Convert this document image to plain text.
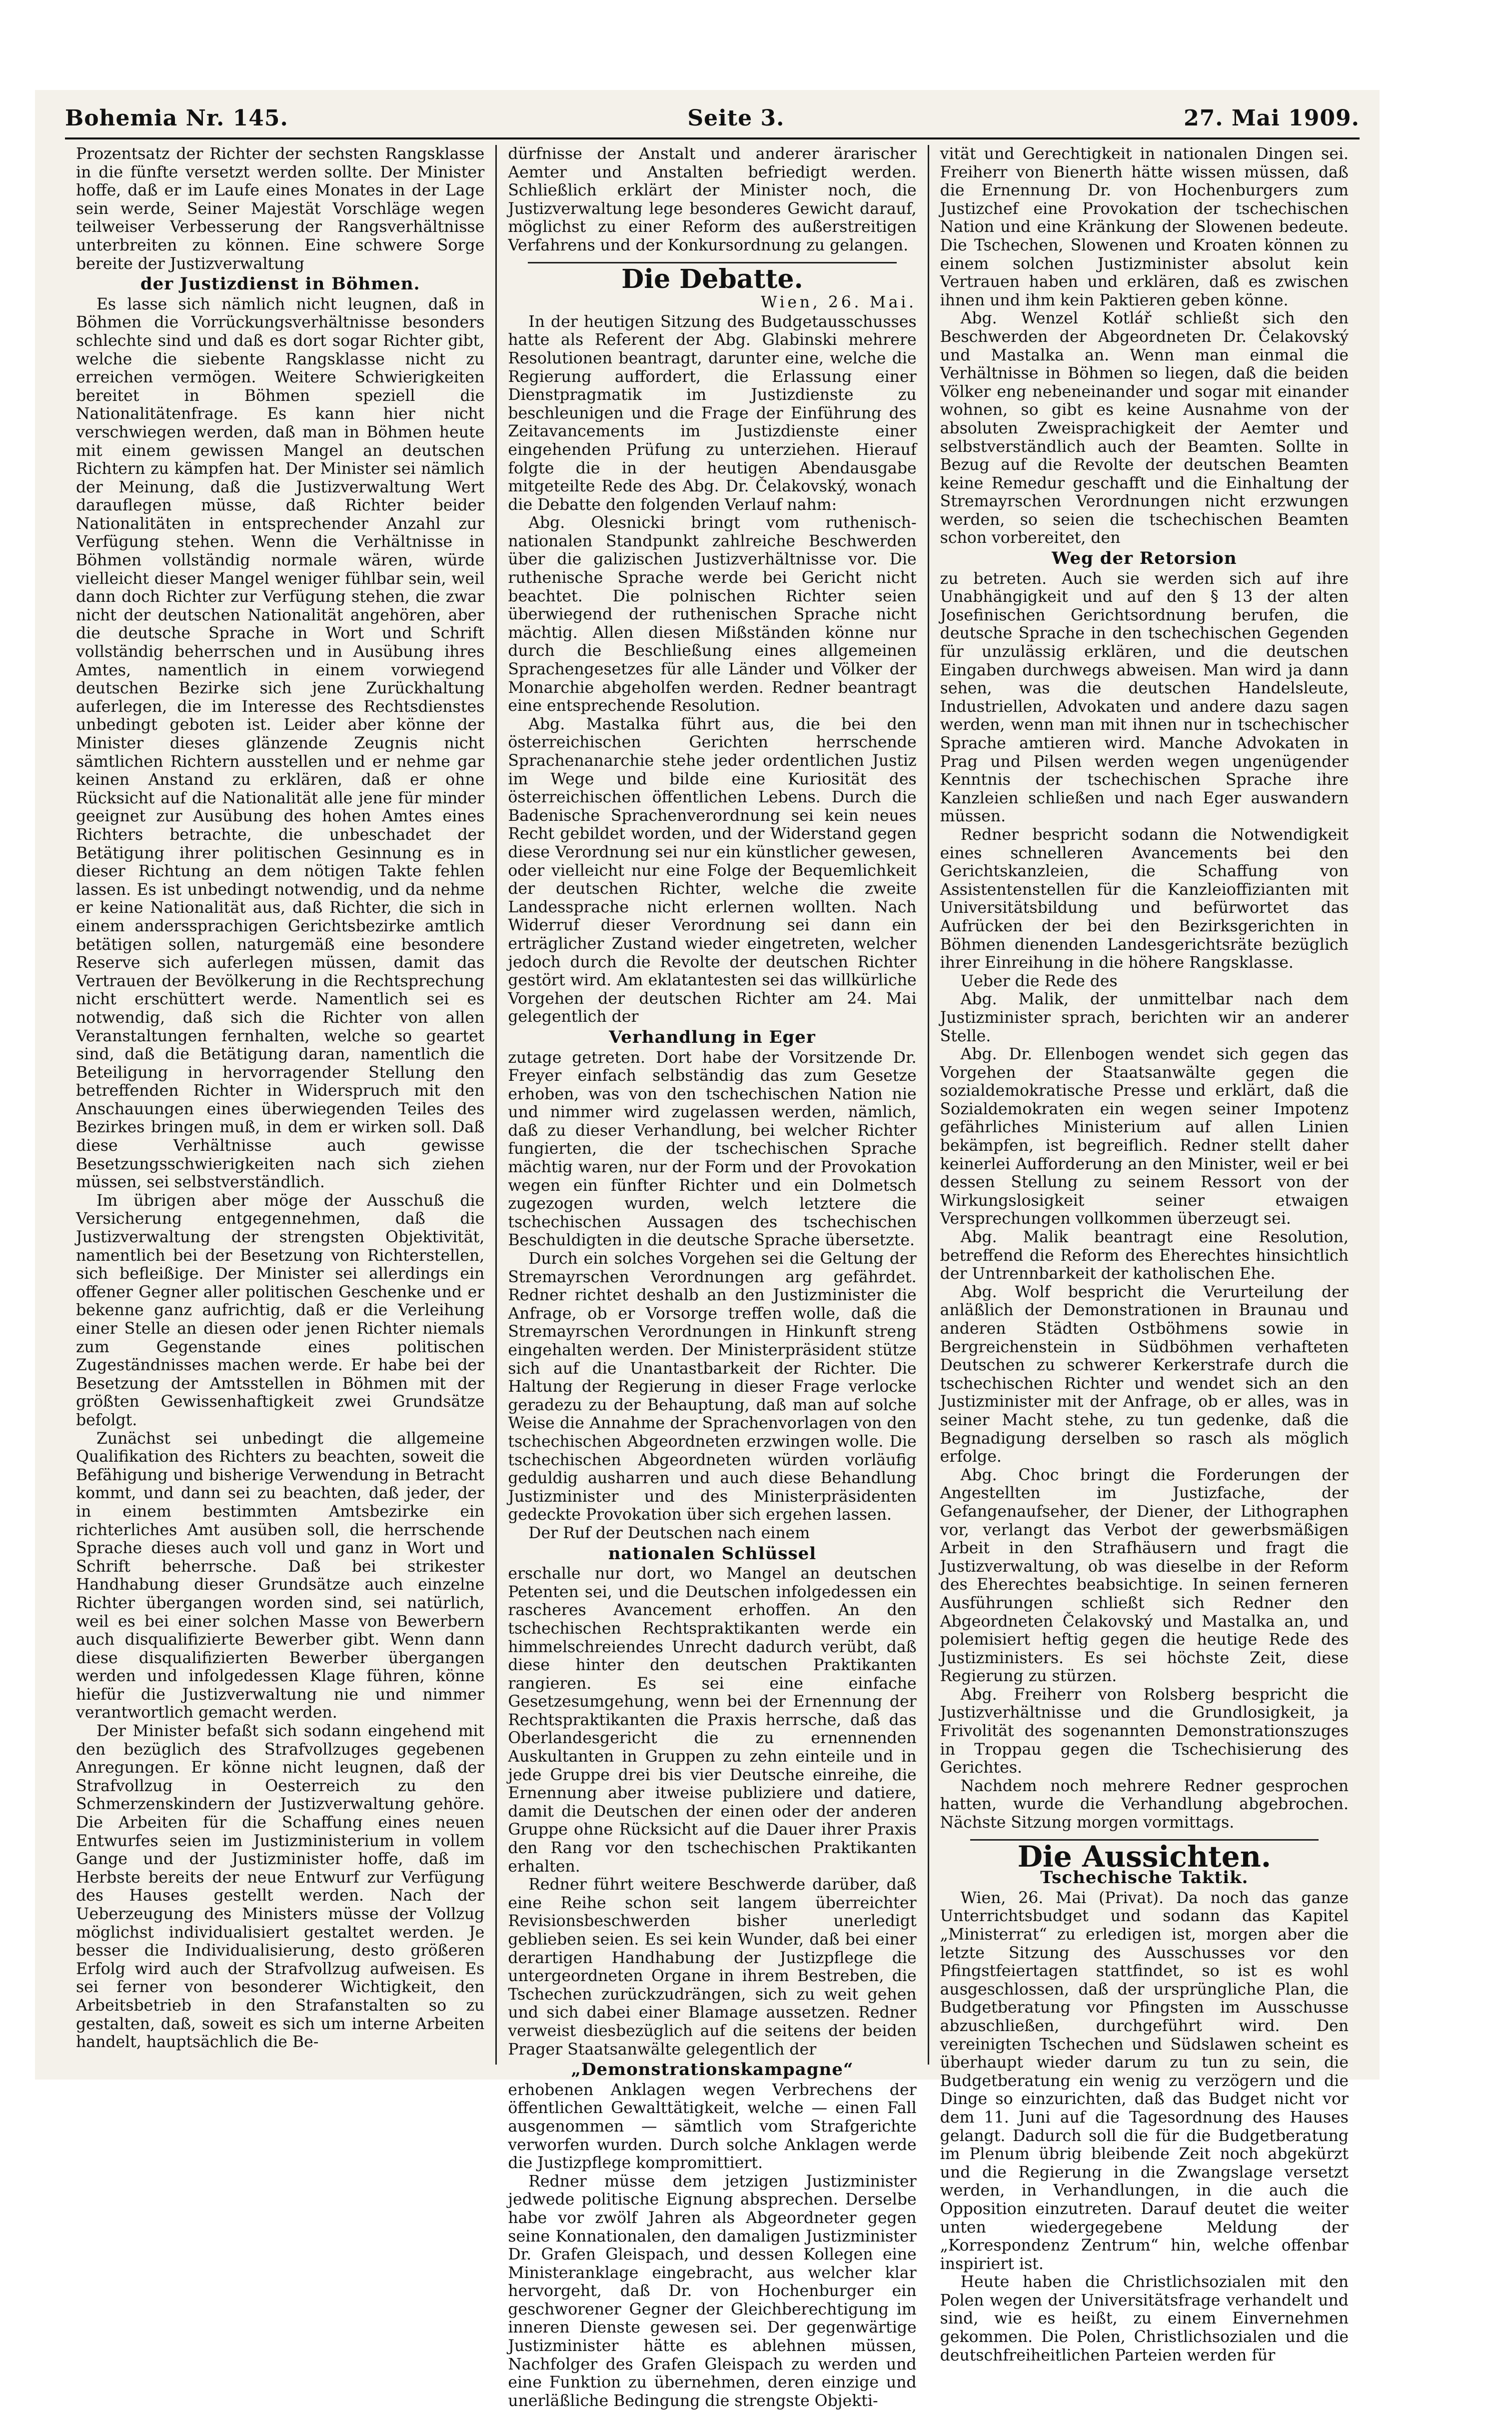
Bohemia Nr. 145.	Seite 3.	27. Mai 1909.

Prozentsatz der Richter der sechsten Rangsklasse in die fünfte versetzt werden sollte. Der Minister hoffe, daß er im Laufe eines Monates in der Lage sein werde, Seiner Majestät Vorschläge wegen teilweiser Verbesserung der Rangsverhältnisse unterbreiten zu können. Eine schwere Sorge bereite der Justizverwaltung

der Justizdienst in Böhmen.

Es lasse sich nämlich nicht leugnen, daß in Böhmen die Vorrückungsverhältnisse besonders schlechte sind und daß es dort sogar Richter gibt, welche die siebente Rangsklasse nicht zu erreichen vermögen. Weitere Schwierigkeiten bereitet in Böhmen speziell die Nationalitätenfrage. Es kann hier nicht verschwiegen werden, daß man in Böhmen heute mit einem gewissen Mangel an deutschen Richtern zu kämpfen hat. Der Minister sei nämlich der Meinung, daß die Justizverwaltung Wert darauflegen müsse, daß Richter beider Nationalitäten in entsprechender Anzahl zur Verfügung stehen. Wenn die Verhältnisse in Böhmen vollständig normale wären, würde vielleicht dieser Mangel weniger fühlbar sein, weil dann doch Richter zur Verfügung stehen, die zwar nicht der deutschen Nationalität angehören, aber die deutsche Sprache in Wort und Schrift vollständig beherrschen und in Ausübung ihres Amtes, namentlich in einem vorwiegend deutschen Bezirke sich jene Zurückhaltung auferlegen, die im Interesse des Rechtsdienstes unbedingt geboten ist. Leider aber könne der Minister dieses glänzende Zeugnis nicht sämtlichen Richtern ausstellen und er nehme gar keinen Anstand zu erklären, daß er ohne Rücksicht auf die Nationalität alle jene für minder geeignet zur Ausübung des hohen Amtes eines Richters betrachte, die unbeschadet der Betätigung ihrer politischen Gesinnung es in dieser Richtung an dem nötigen Takte fehlen lassen. Es ist unbedingt notwendig, und da nehme er keine Nationalität aus, daß Richter, die sich in einem anderssprachigen Gerichtsbezirke amtlich betätigen sollen, naturgemäß eine besondere Reserve sich auferlegen müssen, damit das Vertrauen der Bevölkerung in die Rechtsprechung nicht erschüttert werde. Namentlich sei es notwendig, daß sich die Richter von allen Veranstaltungen fernhalten, welche so geartet sind, daß die Betätigung daran, namentlich die Beteiligung in hervorragender Stellung den betreffenden Richter in Widerspruch mit den Anschauungen eines überwiegenden Teiles des Bezirkes bringen muß, in dem er wirken soll. Daß diese Verhältnisse auch gewisse Besetzungsschwierigkeiten nach sich ziehen müssen, sei selbstverständlich.

Im übrigen aber möge der Ausschuß die Versicherung entgegennehmen, daß die Justizverwaltung der strengsten Objektivität, namentlich bei der Besetzung von Richterstellen, sich befleißige. Der Minister sei allerdings ein offener Gegner aller politischen Geschenke und er bekenne ganz aufrichtig, daß er die Verleihung einer Stelle an diesen oder jenen Richter niemals zum Gegenstande eines politischen Zugeständnisses machen werde. Er habe bei der Besetzung der Amtsstellen in Böhmen mit der größten Gewissenhaftigkeit zwei Grundsätze befolgt.

Zunächst sei unbedingt die allgemeine Qualifikation des Richters zu beachten, soweit die Befähigung und bisherige Verwendung in Betracht kommt, und dann sei zu beachten, daß jeder, der in einem bestimmten Amtsbezirke ein richterliches Amt ausüben soll, die herrschende Sprache dieses auch voll und ganz in Wort und Schrift beherrsche. Daß bei strikester Handhabung dieser Grundsätze auch einzelne Richter übergangen worden sind, sei natürlich, weil es bei einer solchen Masse von Bewerbern auch disqualifizierte Bewerber gibt. Wenn dann diese disqualifizierten Bewerber übergangen werden und infolgedessen Klage führen, könne hiefür die Justizverwaltung nie und nimmer verantwortlich gemacht werden.

Der Minister befaßt sich sodann eingehend mit den bezüglich des Strafvollzuges gegebenen Anregungen. Er könne nicht leugnen, daß der Strafvollzug in Oesterreich zu den Schmerzenskindern der Justizverwaltung gehöre. Die Arbeiten für die Schaffung eines neuen Entwurfes seien im Justizministerium in vollem Gange und der Justizminister hoffe, daß im Herbste bereits der neue Entwurf zur Verfügung des Hauses gestellt werden. Nach der Ueberzeugung des Ministers müsse der Vollzug möglichst individualisiert gestaltet werden. Je besser die Individualisierung, desto größeren Erfolg wird auch der Strafvollzug aufweisen. Es sei ferner von besonderer Wichtigkeit, den Arbeitsbetrieb in den Strafanstalten so zu gestalten, daß, soweit es sich um interne Arbeiten handelt, hauptsächlich die Be-

dürfnisse der Anstalt und anderer ärarischer Aemter und Anstalten befriedigt werden. Schließlich erklärt der Minister noch, die Justizverwaltung lege besonderes Gewicht darauf, möglichst zu einer Reform des außerstreitigen Verfahrens und der Konkursordnung zu gelangen.

Die Debatte.
Wien, 26. Mai.

In der heutigen Sitzung des Budgetausschusses hatte als Referent der Abg. Glabinski mehrere Resolutionen beantragt, darunter eine, welche die Regierung auffordert, die Erlassung einer Dienstpragmatik im Justizdienste zu beschleunigen und die Frage der Einführung des Zeitavancements im Justizdienste einer eingehenden Prüfung zu unterziehen. Hierauf folgte die in der heutigen Abendausgabe mitgeteilte Rede des Abg. Dr. Čelakovský, wonach die Debatte den folgenden Verlauf nahm:

Abg. Olesnicki bringt vom ruthenisch-nationalen Standpunkt zahlreiche Beschwerden über die galizischen Justizverhältnisse vor. Die ruthenische Sprache werde bei Gericht nicht beachtet. Die polnischen Richter seien überwiegend der ruthenischen Sprache nicht mächtig. Allen diesen Mißständen könne nur durch die Beschließung eines allgemeinen Sprachengesetzes für alle Länder und Völker der Monarchie abgeholfen werden. Redner beantragt eine entsprechende Resolution.

Abg. Mastalka führt aus, die bei den österreichischen Gerichten herrschende Sprachenanarchie stehe jeder ordentlichen Justiz im Wege und bilde eine Kuriosität des österreichischen öffentlichen Lebens. Durch die Badenische Sprachenverordnung sei kein neues Recht gebildet worden, und der Widerstand gegen diese Verordnung sei nur ein künstlicher gewesen, oder vielleicht nur eine Folge der Bequemlichkeit der deutschen Richter, welche die zweite Landessprache nicht erlernen wollten. Nach Widerruf dieser Verordnung sei dann ein erträglicher Zustand wieder eingetreten, welcher jedoch durch die Revolte der deutschen Richter gestört wird. Am eklatantesten sei das willkürliche Vorgehen der deutschen Richter am 24. Mai gelegentlich der

Verhandlung in Eger

zutage getreten. Dort habe der Vorsitzende Dr. Freyer einfach selbständig das zum Gesetze erhoben, was von den tschechischen Nation nie und nimmer wird zugelassen werden, nämlich, daß zu dieser Verhandlung, bei welcher Richter fungierten, die der tschechischen Sprache mächtig waren, nur der Form und der Provokation wegen ein fünfter Richter und ein Dolmetsch zugezogen wurden, welch letztere die tschechischen Aussagen des tschechischen Beschuldigten in die deutsche Sprache übersetzte.

Durch ein solches Vorgehen sei die Geltung der Stremayrschen Verordnungen arg gefährdet. Redner richtet deshalb an den Justizminister die Anfrage, ob er Vorsorge treffen wolle, daß die Stremayrschen Verordnungen in Hinkunft streng eingehalten werden. Der Ministerpräsident stütze sich auf die Unantastbarkeit der Richter. Die Haltung der Regierung in dieser Frage verlocke geradezu zu der Behauptung, daß man auf solche Weise die Annahme der Sprachenvorlagen von den tschechischen Abgeordneten erzwingen wolle. Die tschechischen Abgeordneten würden vorläufig geduldig ausharren und auch diese Behandlung Justizminister und des Ministerpräsidenten gedeckte Provokation über sich ergehen lassen.

Der Ruf der Deutschen nach einem

nationalen Schlüssel

erschalle nur dort, wo Mangel an deutschen Petenten sei, und die Deutschen infolgedessen ein rascheres Avancement erhoffen. An den tschechischen Rechtspraktikanten werde ein himmelschreiendes Unrecht dadurch verübt, daß diese hinter den deutschen Praktikanten rangieren. Es sei eine einfache Gesetzesumgehung, wenn bei der Ernennung der Rechtspraktikanten die Praxis herrsche, daß das Oberlandesgericht die zu ernennenden Auskultanten in Gruppen zu zehn einteile und in jede Gruppe drei bis vier Deutsche einreihe, die Ernennung aber itweise publiziere und datiere, damit die Deutschen der einen oder der anderen Gruppe ohne Rücksicht auf die Dauer ihrer Praxis den Rang vor den tschechischen Praktikanten erhalten.

Redner führt weitere Beschwerde darüber, daß eine Reihe schon seit langem überreichter Revisionsbeschwerden bisher unerledigt geblieben seien. Es sei kein Wunder, daß bei einer derartigen Handhabung der Justizpflege die untergeordneten Organe in ihrem Bestreben, die Tschechen zurückzudrängen, sich zu weit gehen und sich dabei einer Blamage aussetzen. Redner verweist diesbezüglich auf die seitens der beiden Prager Staatsanwälte gelegentlich der

„Demonstrationskampagne“

erhobenen Anklagen wegen Verbrechens der öffentlichen Gewalttätigkeit, welche — einen Fall ausgenommen — sämtlich vom Strafgerichte verworfen wurden. Durch solche Anklagen werde die Justizpflege kompromittiert.

Redner müsse dem jetzigen Justizminister jedwede politische Eignung absprechen. Derselbe habe vor zwölf Jahren als Abgeordneter gegen seine Konnationalen, den damaligen Justizminister Dr. Grafen Gleispach, und dessen Kollegen eine Ministeranklage eingebracht, aus welcher klar hervorgeht, daß Dr. von Hochenburger ein geschworener Gegner der Gleichberechtigung im inneren Dienste gewesen sei. Der gegenwärtige Justizminister hätte es ablehnen müssen, Nachfolger des Grafen Gleispach zu werden und eine Funktion zu übernehmen, deren einzige und unerläßliche Bedingung die strengste Objekti-

vität und Gerechtigkeit in nationalen Dingen sei. Freiherr von Bienerth hätte wissen müssen, daß die Ernennung Dr. von Hochenburgers zum Justizchef eine Provokation der tschechischen Nation und eine Kränkung der Slowenen bedeute. Die Tschechen, Slowenen und Kroaten können zu einem solchen Justizminister absolut kein Vertrauen haben und erklären, daß es zwischen ihnen und ihm kein Paktieren geben könne.

Abg. Wenzel Kotlář schließt sich den Beschwerden der Abgeordneten Dr. Čelakovský und Mastalka an. Wenn man einmal die Verhältnisse in Böhmen so liegen, daß die beiden Völker eng nebeneinander und sogar mit einander wohnen, so gibt es keine Ausnahme von der absoluten Zweisprachigkeit der Aemter und selbstverständlich auch der Beamten. Sollte in Bezug auf die Revolte der deutschen Beamten keine Remedur geschafft und die Einhaltung der Stremayrschen Verordnungen nicht erzwungen werden, so seien die tschechischen Beamten schon vorbereitet, den

Weg der Retorsion

zu betreten. Auch sie werden sich auf ihre Unabhängigkeit und auf den § 13 der alten Josefinischen Gerichtsordnung berufen, die deutsche Sprache in den tschechischen Gegenden für unzulässig erklären, und die deutschen Eingaben durchwegs abweisen. Man wird ja dann sehen, was die deutschen Handelsleute, Industriellen, Advokaten und andere dazu sagen werden, wenn man mit ihnen nur in tschechischer Sprache amtieren wird. Manche Advokaten in Prag und Pilsen werden wegen ungenügender Kenntnis der tschechischen Sprache ihre Kanzleien schließen und nach Eger auswandern müssen.

Redner bespricht sodann die Notwendigkeit eines schnelleren Avancements bei den Gerichtskanzleien, die Schaffung von Assistentenstellen für die Kanzleioffizianten mit Universitätsbildung und befürwortet das Aufrücken der bei den Bezirksgerichten in Böhmen dienenden Landesgerichtsräte bezüglich ihrer Einreihung in die höhere Rangsklasse.

Ueber die Rede des

Abg. Malik, der unmittelbar nach dem Justizminister sprach, berichten wir an anderer Stelle.

Abg. Dr. Ellenbogen wendet sich gegen das Vorgehen der Staatsanwälte gegen die sozialdemokratische Presse und erklärt, daß die Sozialdemokraten ein wegen seiner Impotenz gefährliches Ministerium auf allen Linien bekämpfen, ist begreiflich. Redner stellt daher keinerlei Aufforderung an den Minister, weil er bei dessen Stellung zu seinem Ressort von der Wirkungslosigkeit seiner etwaigen Versprechungen vollkommen überzeugt sei.

Abg. Malik beantragt eine Resolution, betreffend die Reform des Eherechtes hinsichtlich der Untrennbarkeit der katholischen Ehe.

Abg. Wolf bespricht die Verurteilung der anläßlich der Demonstrationen in Braunau und anderen Städten Ostböhmens sowie in Bergreichenstein in Südböhmen verhafteten Deutschen zu schwerer Kerkerstrafe durch die tschechischen Richter und wendet sich an den Justizminister mit der Anfrage, ob er alles, was in seiner Macht stehe, zu tun gedenke, daß die Begnadigung derselben so rasch als möglich erfolge.

Abg. Choc bringt die Forderungen der Angestellten im Justizfache, der Gefangenaufseher, der Diener, der Lithographen vor, verlangt das Verbot der gewerbsmäßigen Arbeit in den Strafhäusern und fragt die Justizverwaltung, ob was dieselbe in der Reform des Eherechtes beabsichtige. In seinen ferneren Ausführungen schließt sich Redner den Abgeordneten Čelakovský und Mastalka an, und polemisiert heftig gegen die heutige Rede des Justizministers. Es sei höchste Zeit, diese Regierung zu stürzen.

Abg. Freiherr von Rolsberg bespricht die Justizverhältnisse und die Grundlosigkeit, ja Frivolität des sogenannten Demonstrationszuges in Troppau gegen die Tschechisierung des Gerichtes.

Nachdem noch mehrere Redner gesprochen hatten, wurde die Verhandlung abgebrochen. Nächste Sitzung morgen vormittags.

Die Aussichten.
Tschechische Taktik.

Wien, 26. Mai (Privat). Da noch das ganze Unterrichtsbudget und sodann das Kapitel „Ministerrat“ zu erledigen ist, morgen aber die letzte Sitzung des Ausschusses vor den Pfingstfeiertagen stattfindet, so ist es wohl ausgeschlossen, daß der ursprüngliche Plan, die Budgetberatung vor Pfingsten im Ausschusse abzuschließen, durchgeführt wird. Den vereinigten Tschechen und Südslawen scheint es überhaupt wieder darum zu tun zu sein, die Budgetberatung ein wenig zu verzögern und die Dinge so einzurichten, daß das Budget nicht vor dem 11. Juni auf die Tagesordnung des Hauses gelangt. Dadurch soll die für die Budgetberatung im Plenum übrig bleibende Zeit noch abgekürzt und die Regierung in die Zwangslage versetzt werden, in Verhandlungen, in die auch die Opposition einzutreten. Darauf deutet die weiter unten wiedergegebene Meldung der „Korrespondenz Zentrum“ hin, welche offenbar inspiriert ist.

Heute haben die Christlichsozialen mit den Polen wegen der Universitätsfrage verhandelt und sind, wie es heißt, zu einem Einvernehmen gekommen. Die Polen, Christlichsozialen und die deutschfreiheitlichen Parteien werden für
